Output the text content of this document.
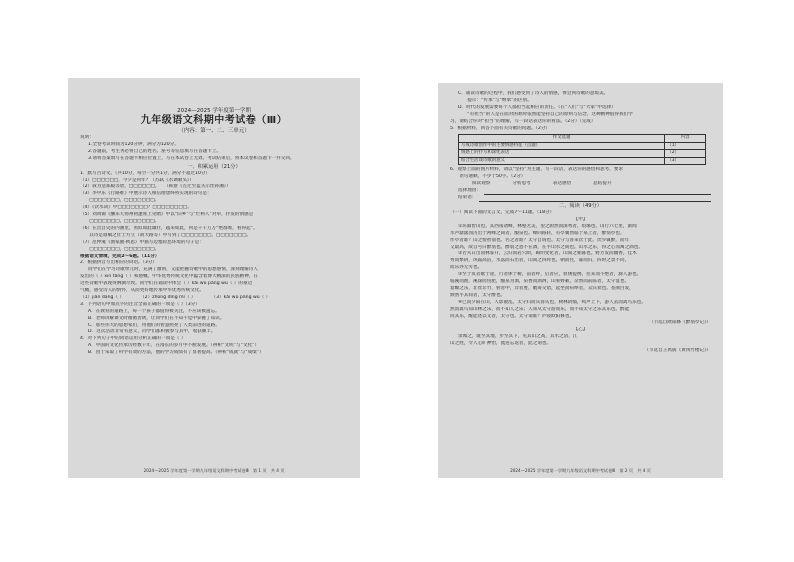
2024—2025 学年度第一学期
九年级语文科期中考试卷（Ⅲ）
（内容：第一、二、三单元）
说明：
1.全卷考试时间为120分钟，满分为120分。
2.答题前，考生务必将自己的姓名、座号等信息填写在答题卡上。
3.请将答案填写在答题卡相应位置上，写在本试卷上无效。考试结束后，将本试卷和答题卡一并交回。
一、积累运用（21分）
1．默写古诗文。（共10分，每空一分共1分，满分不超过10分）
（1）□□□□□□，今夕是何年？（苏轼《水调歌头》）
（2）叙为送郑殿等唐，□□□□□□。　　（韩愈《左迁至蓝关示侄孙湘》）
（3）李中乐《行路难》中展示诗人相信理想终将实现的诗句是：
　　□□□□□□□，□□□□□□□。
（4）《饮水词》中□□□□□□□？□□□□□□□□。
（5）刘禹锡《酬乐天扬州初逢席上见赠》中以“旧乡”与“烂柯人”对举，抒发的情感是
　　□□□□□□□，□□□□□□□。
（6）在出自史的内涵里，看似如此雄壮，越来如此，何是千千万万“绝群堆，看得起”。
　　其诗是谁赋之壮士方立（胡大路等）中写到了□□□□□□□，□□□□□□□。
（7）范仲淹《渔家傲·秋思》中描写边塞险恶环境的句子是：
　　□□□□□□□，□□□□□□□。
根据语文情境，完成2～6题。（11分）
2．根据拼音写出相应的词语。（3分）
同学们在学习诗歌单元时，充满了激情，又能把握诗歌中的思想感情，深刻理解诗人
发出的（ ）xīn tǎng（ ）和感慨。中华优秀传统文化中蕴含着博大精深的民族精神，在
这些诗歌中表现得淋漓尽致。同学们在诵读中体会（ ）kǎi wǔ páng wú（ ）的豪迈
气概，感受诗人的情怀，从而更好地传承中华优秀传统文化。
（1）jiǎn dāng（ ）	（2）zhōng dǐng mì（ ）	（3）kǎi wǔ páng wú（ ）
3．下列语句中加点字的注音全部正确的一项是（ ）（3分）
A．在教育的道路上，每一个孩子都值得被关注，不应该被遗忘。
B．老师讲解课文时循循善诱，让同学们在不知不觉中掌握了知识。
C．那些伟大的思想家们，用他们的智慧照亮了人类前进的道路。
D．这次活动非常有意义，同学们都积极参与其中，收获颇丰。
4．对下列句子中的词语运用分析正确的一项是（ ）
A．中国的文化传承历经数千年，在漫长的岁月中不断发展。（辨析“文明”与“文化”）
B．由于采取了科学有效的方法，他的学习成绩有了显著提高。（辨析“成就”与“成绩”）
2024—2025 学年度第一学期九年级语文科期中考试卷Ⅲ　第 1 页　共 4 页
C．诵读诗歌的过程中，我们感受到了诗人的情感，体会到诗歌的意境美。
　　提示：“传承”与“继承”的区别。
D．时代的发展需要每个人都担当起相应的责任。（在“人们”与“大家”中选择）
　　“有担当”的人是在面对困难时依然能坚持自己的原则与信念，这种精神值得我们学
习。请结合你对“担当”的理解，写一段话表达你的看法。（2分）（完成）
5．根据材料，回答下面有关诗歌的问题。（2分）
作文选题	内容
写成诗歌创作中的主要情感特征（点题）	（1）
情感上的抒写和深化表达	（2）
结合生活谈诗歌的意义	（3）
6．观察上面的图片材料，请以“坚持”为主题，写一段话，表达你的感悟和思考，要求
　　语句通顺，不少于50字。（2分）
阅读观察	分析思考	表达感悟	总结提升
选择理由：
结束语：
二、阅读（49分）
（一）阅读下面的文言文，完成7～11题。（18分）
【甲】
①环滁皆山也。其西南诸峰，林壑尤美，望之蔚然而深秀者，琅琊也。山行六七里，渐闻
水声潺潺而泻出于两峰之间者，酿泉也。峰回路转，有亭翼然临于泉上者，醉翁亭也。
作亭者谁？山之僧智仙也。名之者谁？太守自谓也。太守与客来饮于此，饮少辄醉，而年
又最高，故自号曰醉翁也。醉翁之意不在酒，在乎山水之间也。山水之乐，得之心而寓之酒也。
②若夫日出而林霏开，云归而岩穴暝，晦明变化者，山间之朝暮也。野芳发而幽香，佳木
秀而繁阴，风霜高洁，水落而石出者，山间之四时也。朝而往，暮而归，四时之景不同，
而乐亦无穷也。
③至于负者歌于途，行者休于树，前者呼，后者应，伛偻提携，往来而不绝者，滁人游也。
临溪而渔，溪深而鱼肥，酿泉为酒，泉香而酒洌，山肴野蔌，杂然而前陈者，太守宴也。
宴酣之乐，非丝非竹，射者中，弈者胜，觥筹交错，起坐而喧哗者，众宾欢也。苍颜白发，
颓然乎其间者，太守醉也。
④已而夕阳在山，人影散乱，太守归而宾客从也。树林阴翳，鸣声上下，游人去而禽鸟乐也。
然而禽鸟知山林之乐，而不知人之乐；人知从太守游而乐，而不知太守之乐其乐也。醉能
同其乐，醒能述以文者，太守也。太守谓谁？庐陵欧阳修也。
（节选自欧阳修《醉翁亭记》）
【乙】
余闻之，既至其地，步至其下，见其山之高，其水之清，江
山之胜，令人心旷神怡，流连忘返者，此之谓也。
（节选自王禹偁《黄冈竹楼记》）
2024—2025 学年度第一学期九年级语文科期中考试卷Ⅲ　第 2 页　共 4 页
